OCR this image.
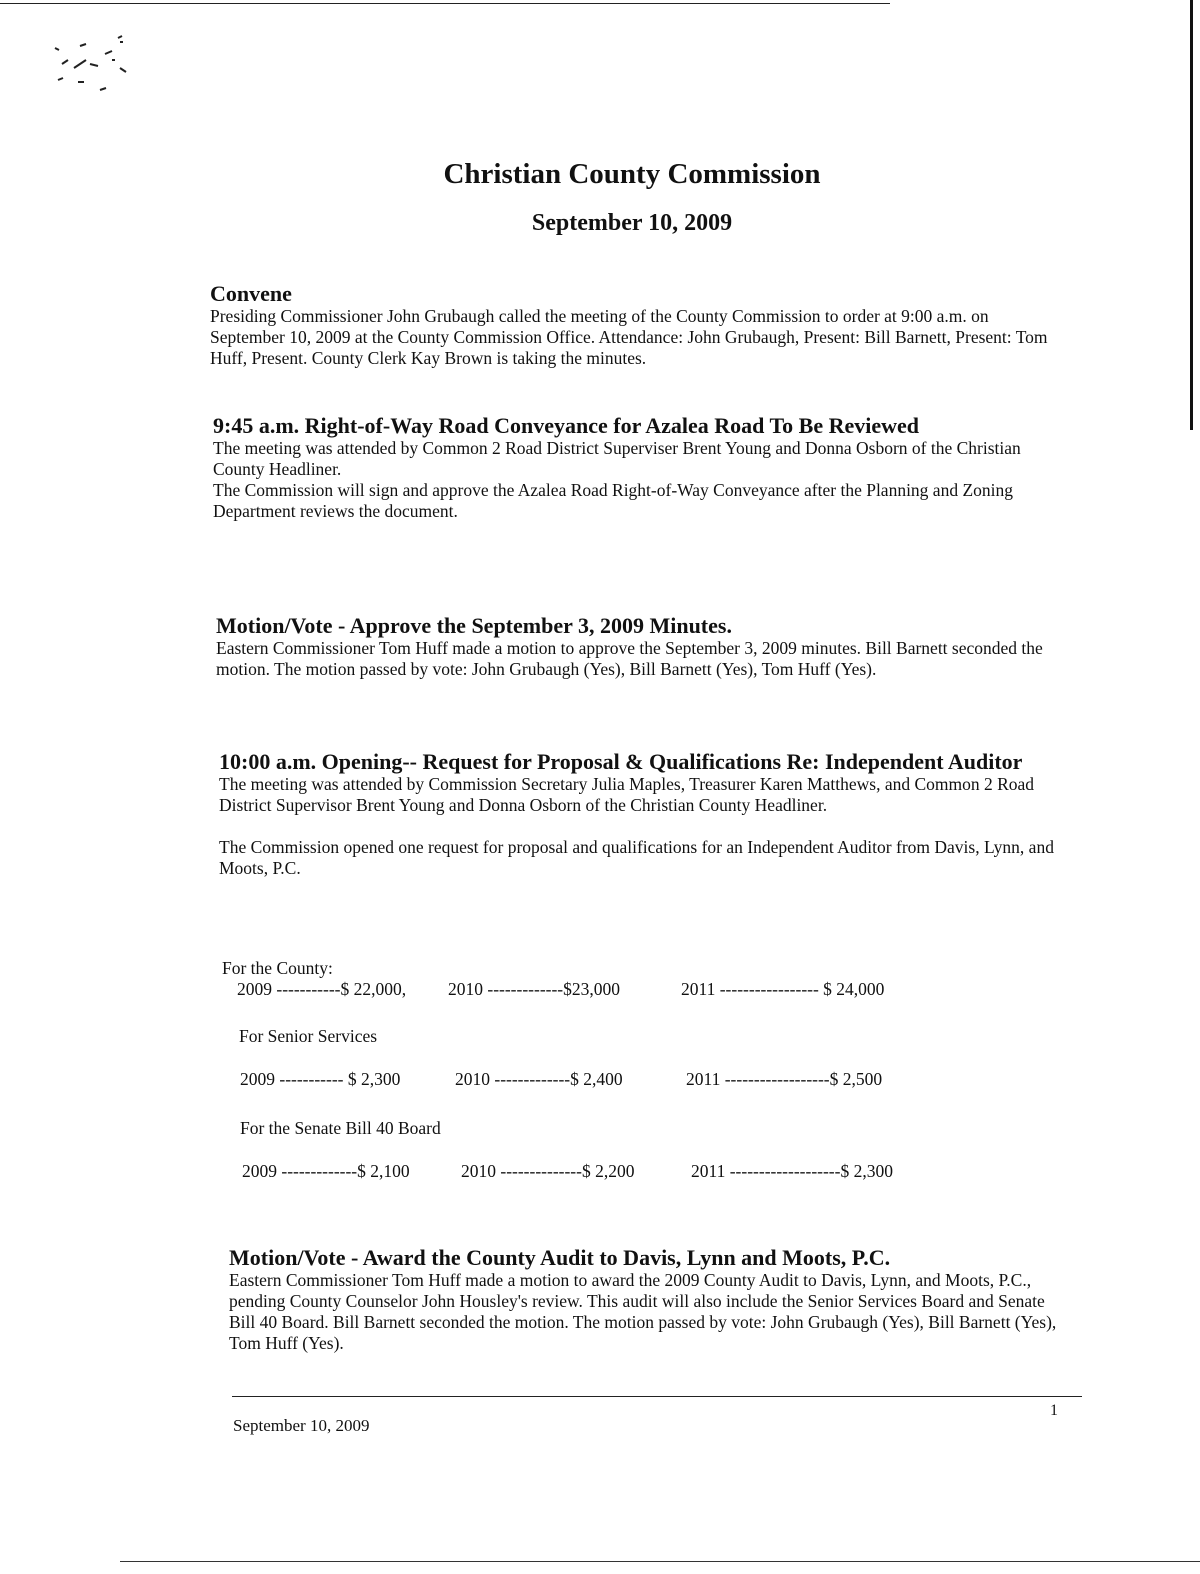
Christian County Commission
September 10, 2009

Convene

Presiding Commissioner John Grubaugh called the meeting of the County Commission to order at 9:00 a.m. on September 10, 2009 at the County Commission Office. Attendance: John Grubaugh, Present: Bill Barnett, Present: Tom Huff, Present. County Clerk Kay Brown is taking the minutes.

9:45 a.m. Right-of-Way Road Conveyance for Azalea Road To Be Reviewed

The meeting was attended by Common 2 Road District Superviser Brent Young and Donna Osborn of the Christian County Headliner.

The Commission will sign and approve the Azalea Road Right-of-Way Conveyance after the Planning and Zoning Department reviews the document.

Motion/Vote - Approve the September 3, 2009 Minutes.

Eastern Commissioner Tom Huff made a motion to approve the September 3, 2009 minutes. Bill Barnett seconded the motion. The motion passed by vote: John Grubaugh (Yes), Bill Barnett (Yes), Tom Huff (Yes).

10:00 a.m. Opening-- Request for Proposal & Qualifications Re: Independent Auditor

The meeting was attended by Commission Secretary Julia Maples, Treasurer Karen Matthews, and Common 2 Road District Supervisor Brent Young and Donna Osborn of the Christian County Headliner.

The Commission opened one request for proposal and qualifications for an Independent Auditor from Davis, Lynn, and Moots, P.C.

For the County:
2009 -----------$ 22,000, 2010 -------------$23,000	2011 ----------------- $ 24,000
For Senior Services
2009 ----------- $ 2,300	2010 -------------$ 2,400	2011 ------------------$ 2,500
For the Senate Bill 40 Board
2009 -------------$ 2,100	2010 --------------$ 2,200	2011 -------------------$ 2,300

Motion/Vote - Award the County Audit to Davis, Lynn and Moots, P.C.

Eastern Commissioner Tom Huff made a motion to award the 2009 County Audit to Davis, Lynn, and Moots, P.C., pending County Counselor John Housley's review. This audit will also include the Senior Services Board and Senate Bill 40 Board. Bill Barnett seconded the motion. The motion passed by vote: John Grubaugh (Yes), Bill Barnett (Yes), Tom Huff (Yes).

1
September 10, 2009
